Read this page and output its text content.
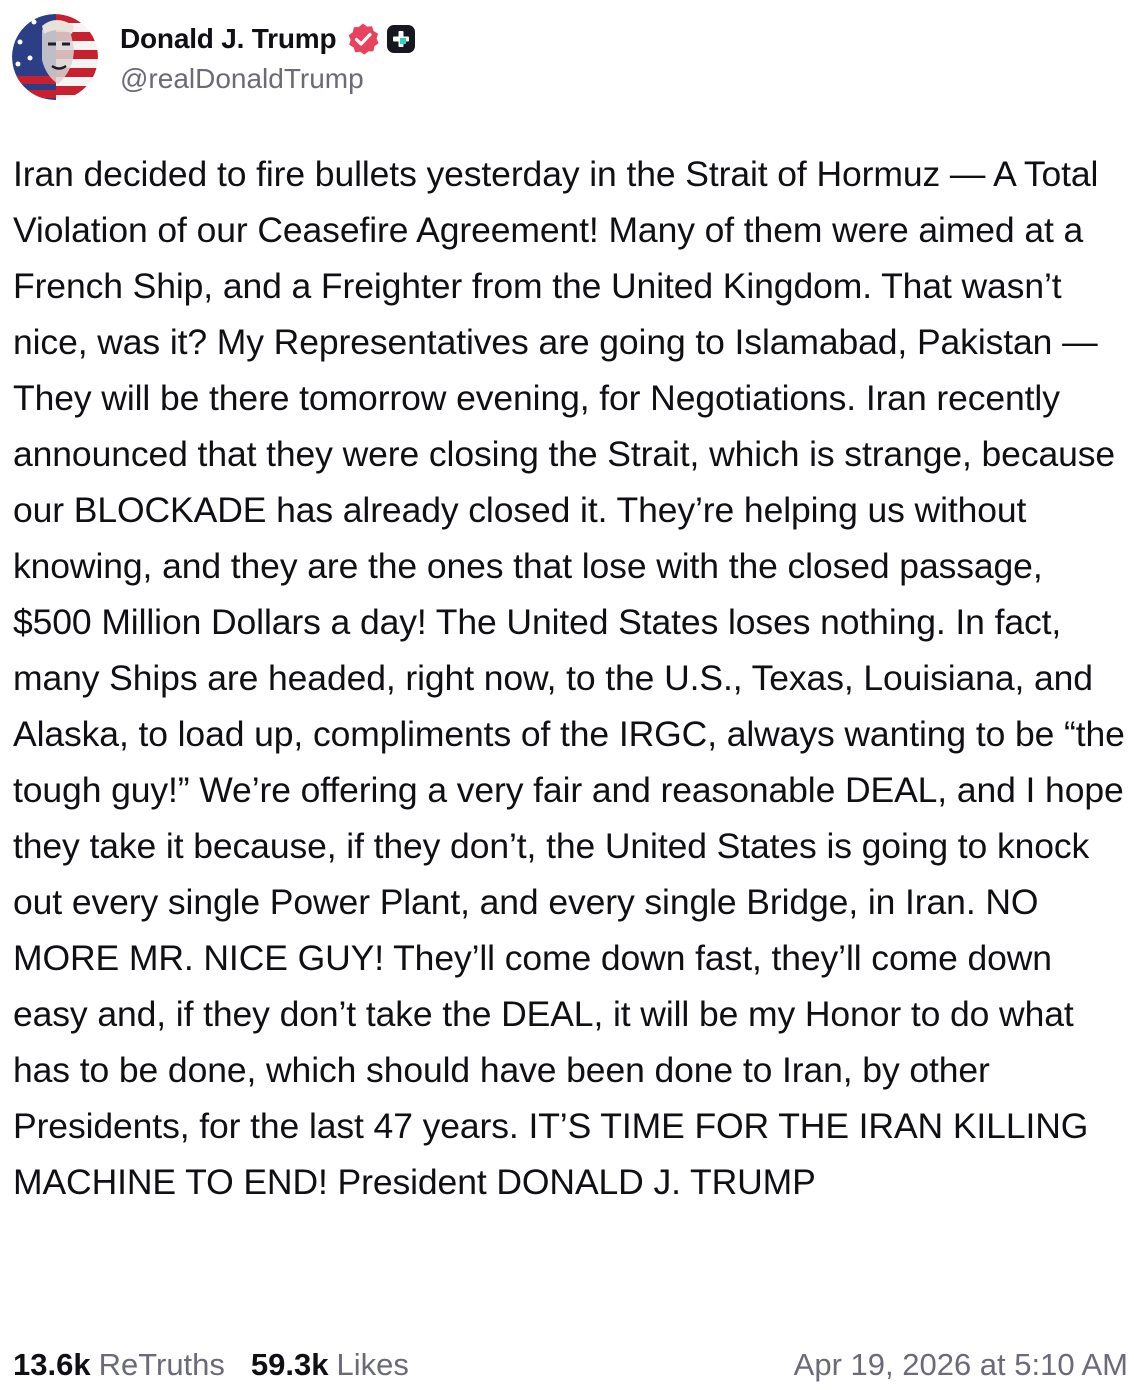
Donald J. Trump
@realDonaldTrump
Iran decided to fire bullets yesterday in the Strait of Hormuz — A Total Violation of our Ceasefire Agreement! Many of them were aimed at a French Ship, and a Freighter from the United Kingdom. That wasn’t nice, was it? My Representatives are going to Islamabad, Pakistan — They will be there tomorrow evening, for Negotiations. Iran recently announced that they were closing the Strait, which is strange, because our BLOCKADE has already closed it. They’re helping us without knowing, and they are the ones that lose with the closed passage, $500 Million Dollars a day! The United States loses nothing. In fact, many Ships are headed, right now, to the U.S., Texas, Louisiana, and Alaska, to load up, compliments of the IRGC, always wanting to be “the tough guy!” We’re offering a very fair and reasonable DEAL, and I hope they take it because, if they don’t, the United States is going to knock out every single Power Plant, and every single Bridge, in Iran. NO MORE MR. NICE GUY! They’ll come down fast, they’ll come down easy and, if they don’t take the DEAL, it will be my Honor to do what has to be done, which should have been done to Iran, by other Presidents, for the last 47 years. IT’S TIME FOR THE IRAN KILLING MACHINE TO END! President DONALD J. TRUMP
13.6k ReTruths 59.3k Likes	Apr 19, 2026 at 5:10 AM
